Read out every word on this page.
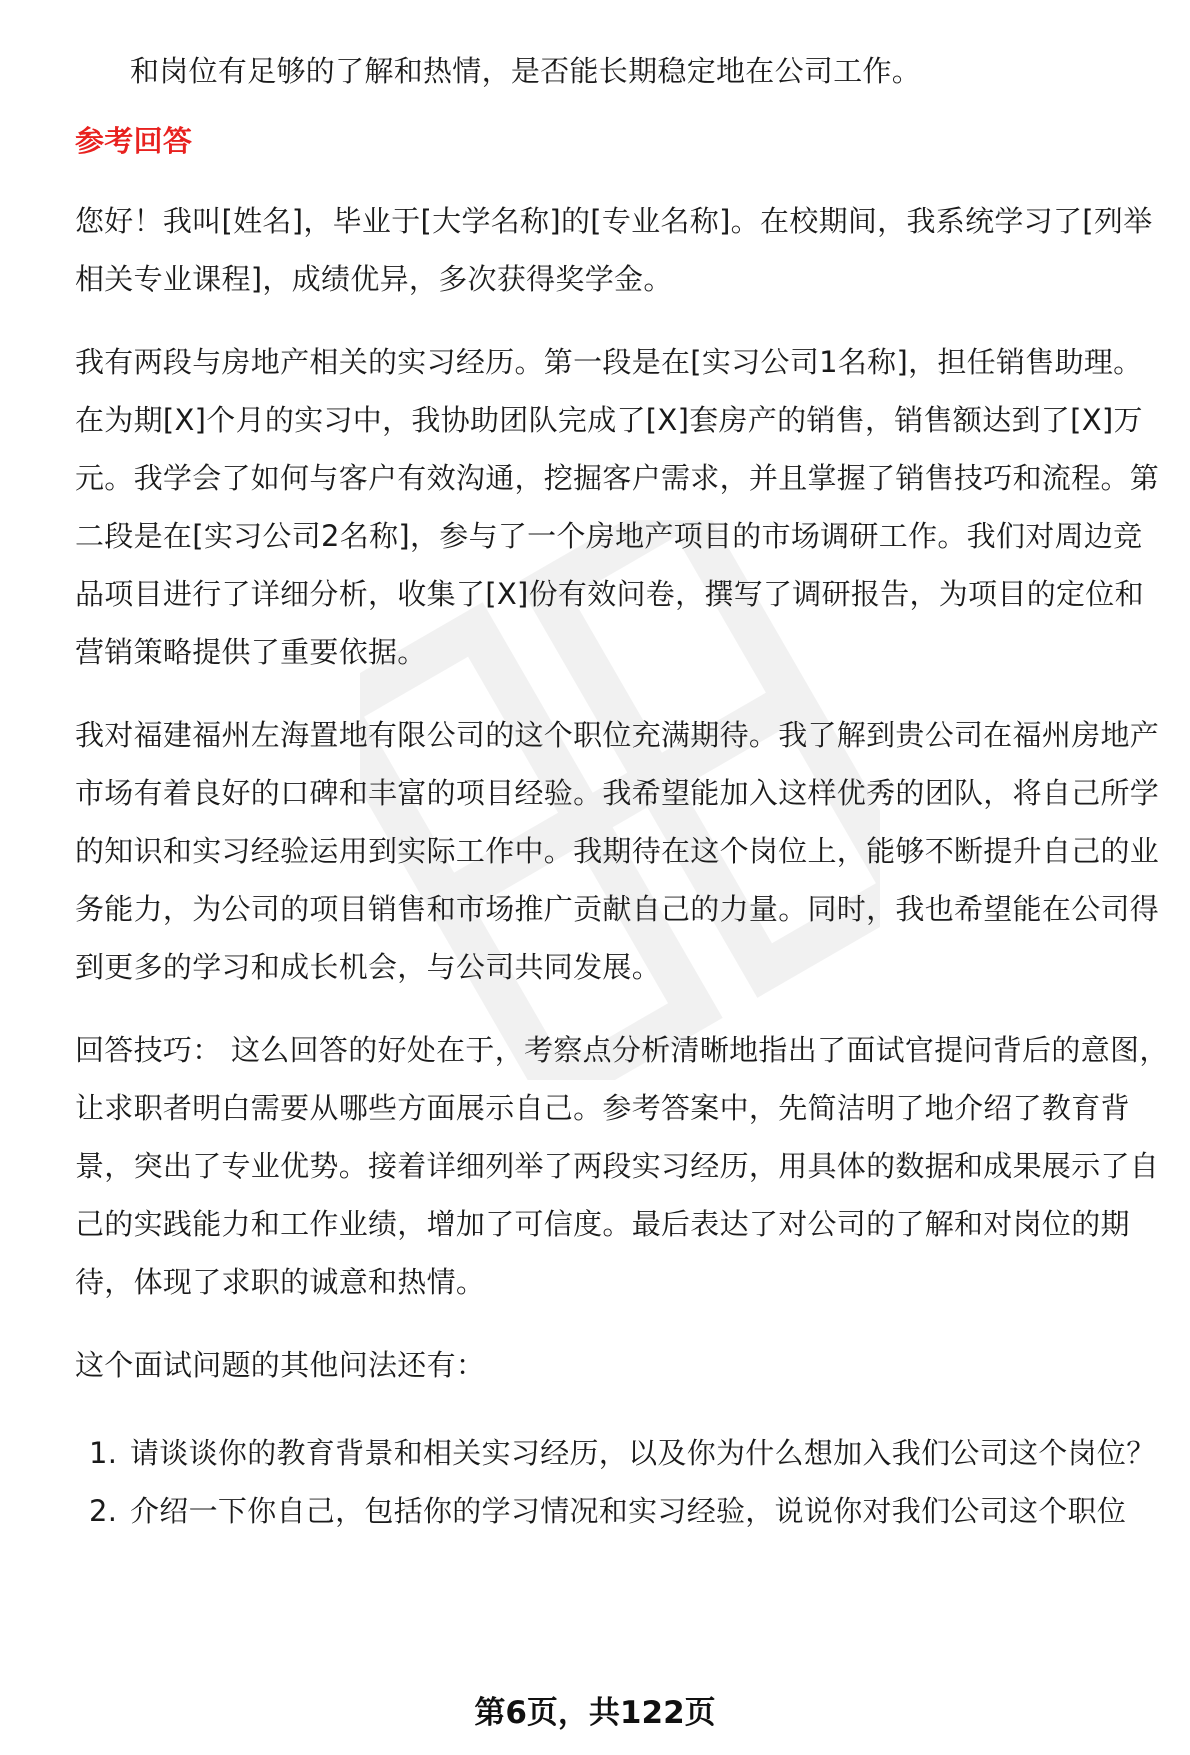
和岗位有足够的了解和热情，是否能长期稳定地在公司工作。

参考回答

您好！我叫[姓名]，毕业于[大学名称]的[专业名称]。在校期间，我系统学习了[列举相关专业课程]，成绩优异，多次获得奖学金。

我有两段与房地产相关的实习经历。第一段是在[实习公司1名称]，担任销售助理。在为期[X]个月的实习中，我协助团队完成了[X]套房产的销售，销售额达到了[X]万元。我学会了如何与客户有效沟通，挖掘客户需求，并且掌握了销售技巧和流程。第二段是在[实习公司2名称]，参与了一个房地产项目的市场调研工作。我们对周边竞品项目进行了详细分析，收集了[X]份有效问卷，撰写了调研报告，为项目的定位和营销策略提供了重要依据。

我对福建福州左海置地有限公司的这个职位充满期待。我了解到贵公司在福州房地产市场有着良好的口碑和丰富的项目经验。我希望能加入这样优秀的团队，将自己所学的知识和实习经验运用到实际工作中。我期待在这个岗位上，能够不断提升自己的业务能力，为公司的项目销售和市场推广贡献自己的力量。同时，我也希望能在公司得到更多的学习和成长机会，与公司共同发展。

回答技巧： 这么回答的好处在于，考察点分析清晰地指出了面试官提问背后的意图，让求职者明白需要从哪些方面展示自己。参考答案中，先简洁明了地介绍了教育背景，突出了专业优势。接着详细列举了两段实习经历，用具体的数据和成果展示了自己的实践能力和工作业绩，增加了可信度。最后表达了对公司的了解和对岗位的期待，体现了求职的诚意和热情。

这个面试问题的其他问法还有：

1. 请谈谈你的教育背景和相关实习经历，以及你为什么想加入我们公司这个岗位？
2. 介绍一下你自己，包括你的学习情况和实习经验，说说你对我们公司这个职位
第6页，共122页
